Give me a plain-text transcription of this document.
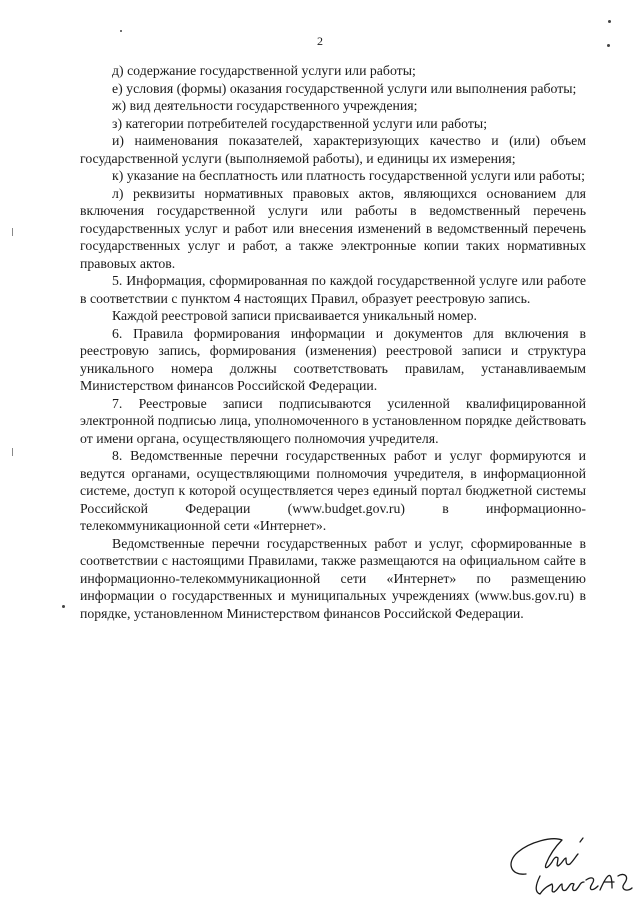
2

д) содержание государственной услуги или работы;

е) условия (формы) оказания государственной услуги или выполнения работы;

ж) вид деятельности государственного учреждения;

з) категории потребителей государственной услуги или работы;

и) наименования показателей, характеризующих качество и (или) объем государственной услуги (выполняемой работы), и единицы их измерения;

к) указание на бесплатность или платность государственной услуги или работы;

л) реквизиты нормативных правовых актов, являющихся основанием для включения государственной услуги или работы в ведомственный перечень государственных услуг и работ или внесения изменений в ведомственный перечень государственных услуг и работ, а также электронные копии таких нормативных правовых актов.

5. Информация, сформированная по каждой государственной услуге или работе в соответствии с пунктом 4 настоящих Правил, образует реестровую запись.

Каждой реестровой записи присваивается уникальный номер.

6. Правила формирования информации и документов для включения в реестровую запись, формирования (изменения) реестровой записи и структура уникального номера должны соответствовать правилам, устанавливаемым Министерством финансов Российской Федерации.

7. Реестровые записи подписываются усиленной квалифицированной электронной подписью лица, уполномоченного в установленном порядке действовать от имени органа, осуществляющего полномочия учредителя.

8. Ведомственные перечни государственных работ и услуг формируются и ведутся органами, осуществляющими полномочия учредителя, в информационной системе, доступ к которой осуществляется через единый портал бюджетной системы Российской Федерации (www.budget.gov.ru) в информационно-телекоммуникационной сети «Интернет».

Ведомственные перечни государственных работ и услуг, сформированные в соответствии с настоящими Правилами, также размещаются на официальном сайте в информационно-телекоммуникационной сети «Интернет» по размещению информации о государственных и муниципальных учреждениях (www.bus.gov.ru) в порядке, установленном Министерством финансов Российской Федерации.
